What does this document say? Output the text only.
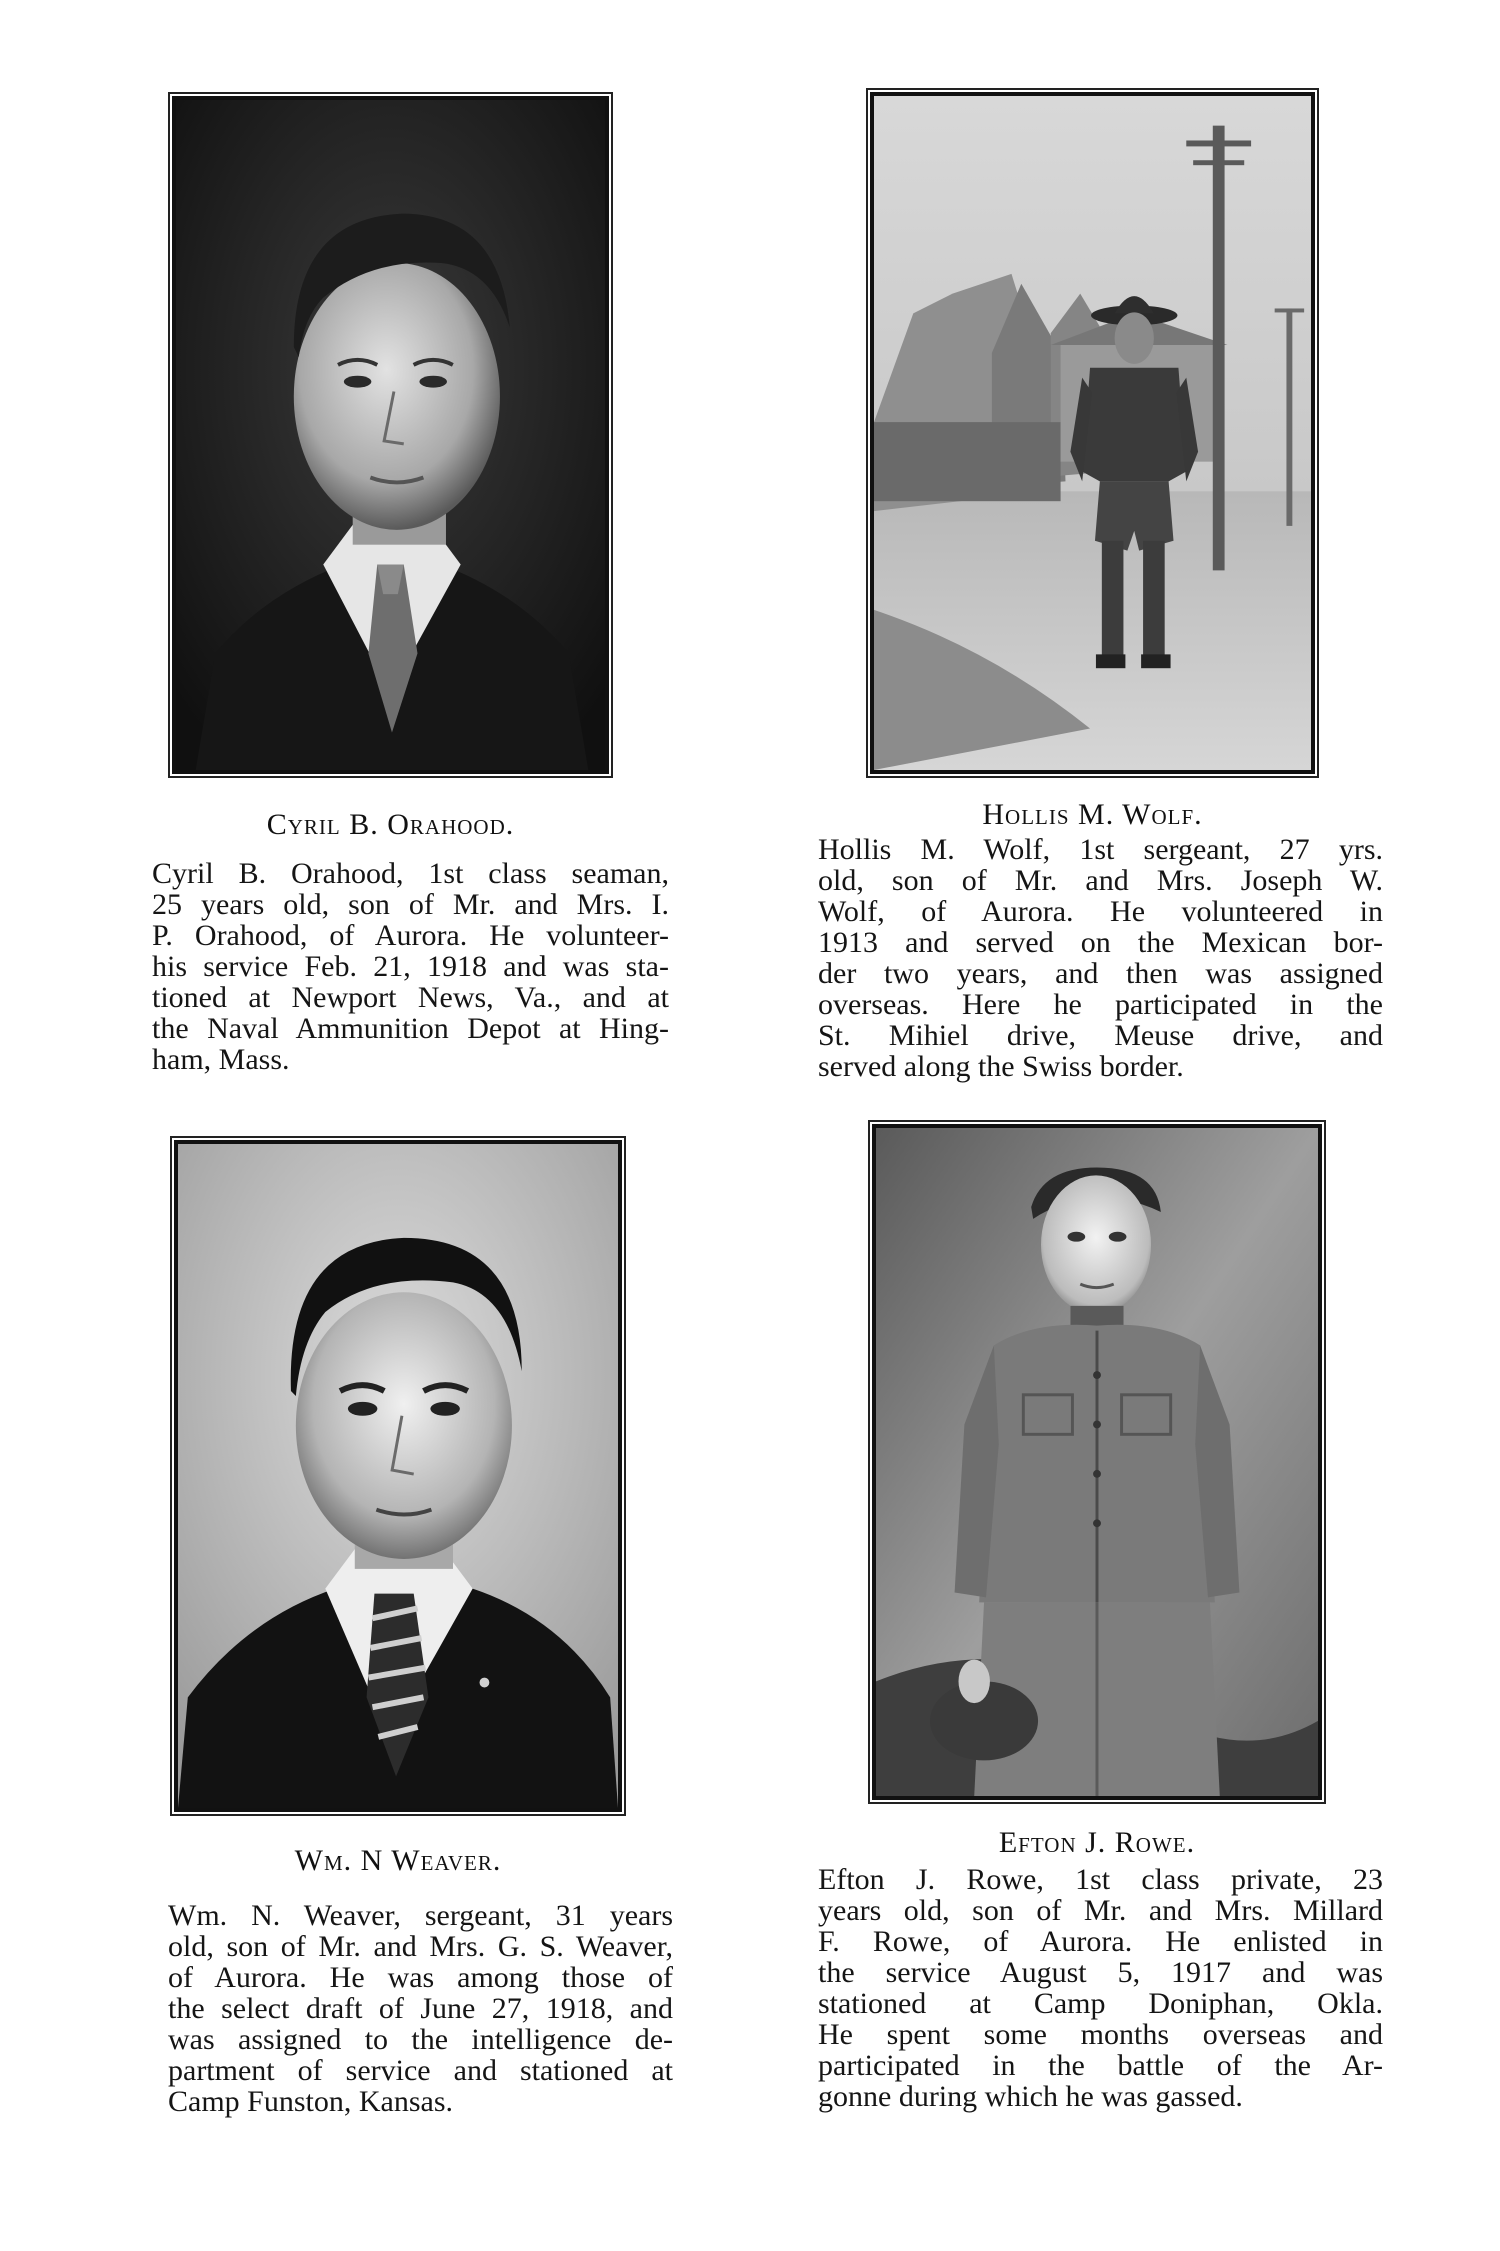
Cyril B. Orahood.
Cyril B. Orahood, 1st class seaman,
25 years old, son of Mr. and Mrs. I.
P. Orahood, of Aurora. He volunteer-
his service Feb. 21, 1918 and was sta-
tioned at Newport News, Va., and at
the Naval Ammunition Depot at Hing-
ham, Mass.
Hollis M. Wolf.
Hollis M. Wolf, 1st sergeant, 27 yrs.
old, son of Mr. and Mrs. Joseph W.
Wolf, of Aurora. He volunteered in
1913 and served on the Mexican bor-
der two years, and then was assigned
overseas. Here he participated in the
St. Mihiel drive, Meuse drive, and
served along the Swiss border.
Wm. N Weaver.
Wm. N. Weaver, sergeant, 31 years
old, son of Mr. and Mrs. G. S. Weaver,
of Aurora. He was among those of
the select draft of June 27, 1918, and
was assigned to the intelligence de-
partment of service and stationed at
Camp Funston, Kansas.
Efton J. Rowe.
Efton J. Rowe, 1st class private, 23
years old, son of Mr. and Mrs. Millard
F. Rowe, of Aurora. He enlisted in
the service August 5, 1917 and was
stationed at Camp Doniphan, Okla.
He spent some months overseas and
participated in the battle of the Ar-
gonne during which he was gassed.
